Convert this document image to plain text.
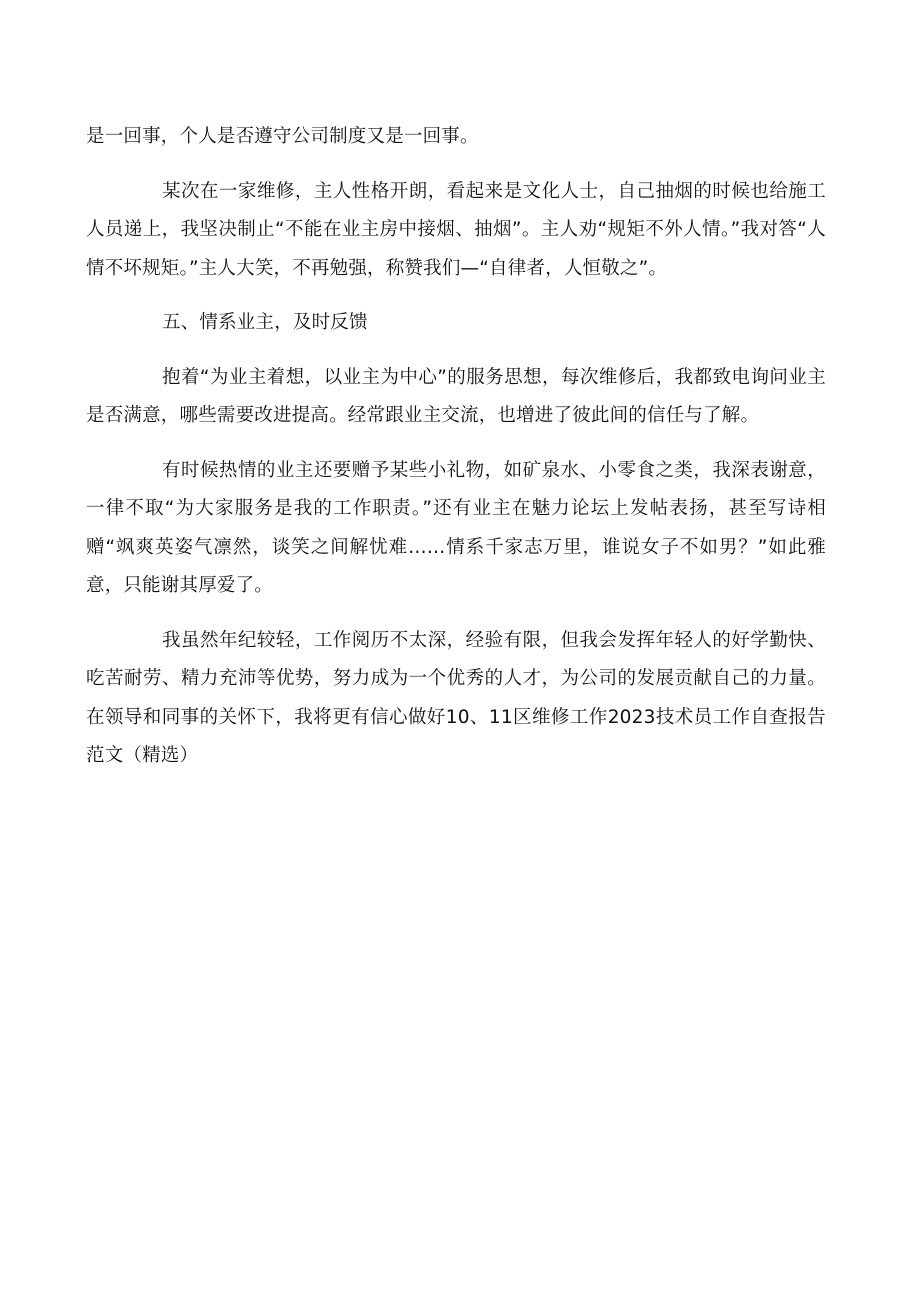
是一回事，个人是否遵守公司制度又是一回事。

某次在一家维修，主人性格开朗，看起来是文化人士，自己抽烟的时候也给施工人员递上，我坚决制止“不能在业主房中接烟、抽烟”。主人劝“规矩不外人情。”我对答“人情不坏规矩。”主人大笑，不再勉强，称赞我们—“自律者，人恒敬之”。

五、情系业主，及时反馈

抱着“为业主着想，以业主为中心”的服务思想，每次维修后，我都致电询问业主是否满意，哪些需要改进提高。经常跟业主交流，也增进了彼此间的信任与了解。

有时候热情的业主还要赠予某些小礼物，如矿泉水、小零食之类，我深表谢意，一律不取“为大家服务是我的工作职责。”还有业主在魅力论坛上发帖表扬，甚至写诗相赠“飒爽英姿气凛然，谈笑之间解忧难……情系千家志万里，谁说女子不如男？”如此雅意，只能谢其厚爱了。

我虽然年纪较轻，工作阅历不太深，经验有限，但我会发挥年轻人的好学勤快、吃苦耐劳、精力充沛等优势，努力成为一个优秀的人才，为公司的发展贡献自己的力量。在领导和同事的关怀下，我将更有信心做好10、11区维修工作2023技术员工作自查报告范文（精选）
